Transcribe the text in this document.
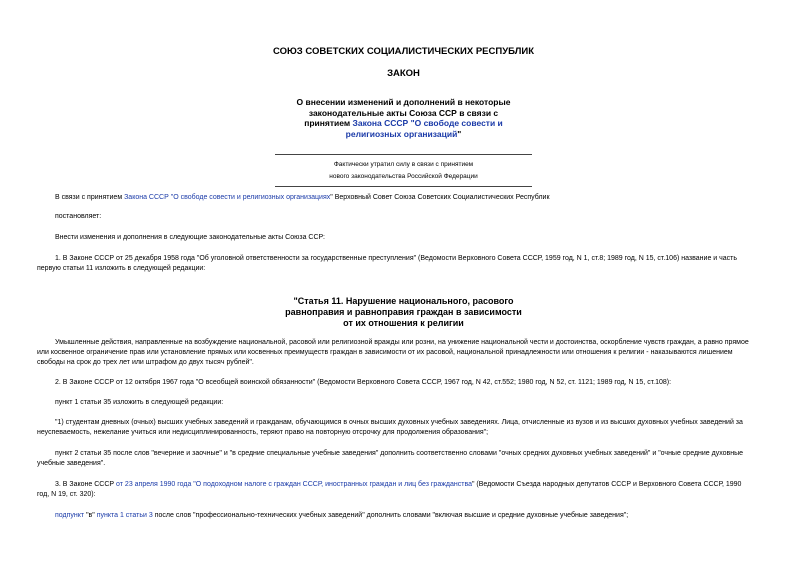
СОЮЗ СОВЕТСКИХ СОЦИАЛИСТИЧЕСКИХ РЕСПУБЛИК
ЗАКОН
О внесении изменений и дополнений в некоторые
законодательные акты Союза ССР в связи с
принятием Закона СССР "О свободе совести и
религиозных организаций"
Фактически утратил силу в связи с принятием
нового законодательства Российской Федерации
В связи с принятием Закона СССР "О свободе совести и религиозных организациях" Верховный Совет Союза Советских Социалистических Республик
постановляет:
Внести изменения и дополнения в следующие законодательные акты Союза ССР:
1. В Законе СССР от 25 декабря 1958 года "Об уголовной ответственности за государственные преступления" (Ведомости Верховного Совета СССР, 1959 год, N 1, ст.8; 1989 год, N 15, ст.106) название и часть
первую статьи 11 изложить в следующей редакции:
"Статья 11. Нарушение национального, расового
равноправия и равноправия граждан в зависимости
от их отношения к религии
Умышленные действия, направленные на возбуждение национальной, расовой или религиозной вражды или розни, на унижение национальной чести и достоинства, оскорбление чувств граждан, а равно прямое
или косвенное ограничение прав или установление прямых или косвенных преимуществ граждан в зависимости от их расовой, национальной принадлежности или отношения к религии - наказываются лишением
свободы на срок до трех лет или штрафом до двух тысяч рублей".
2. В Законе СССР от 12 октября 1967 года "О всеобщей воинской обязанности" (Ведомости Верховного Совета СССР, 1967 год, N 42, ст.552; 1980 год, N 52, ст. 1121; 1989 год, N 15, ст.108):
пункт 1 статьи 35 изложить в следующей редакции:
"1) студентам дневных (очных) высших учебных заведений и гражданам, обучающимся в очных высших духовных учебных заведениях. Лица, отчисленные из вузов и из высших духовных учебных заведений за
неуспеваемость, нежелание учиться или недисциплинированность, теряют право на повторную отсрочку для продолжения образования";
пункт 2 статьи 35 после слов "вечерние и заочные" и "в средние специальные учебные заведения" дополнить соответственно словами "очных средних духовных учебных заведений" и "очные средние духовные
учебные заведения".
3. В Законе СССР от 23 апреля 1990 года "О подоходном налоге с граждан СССР, иностранных граждан и лиц без гражданства" (Ведомости Съезда народных депутатов СССР и Верховного Совета СССР, 1990
год, N 19, ст. 320):
подпункт "в" пункта 1 статьи 3 после слов "профессионально-технических учебных заведений" дополнить словами "включая высшие и средние духовные учебные заведения";
